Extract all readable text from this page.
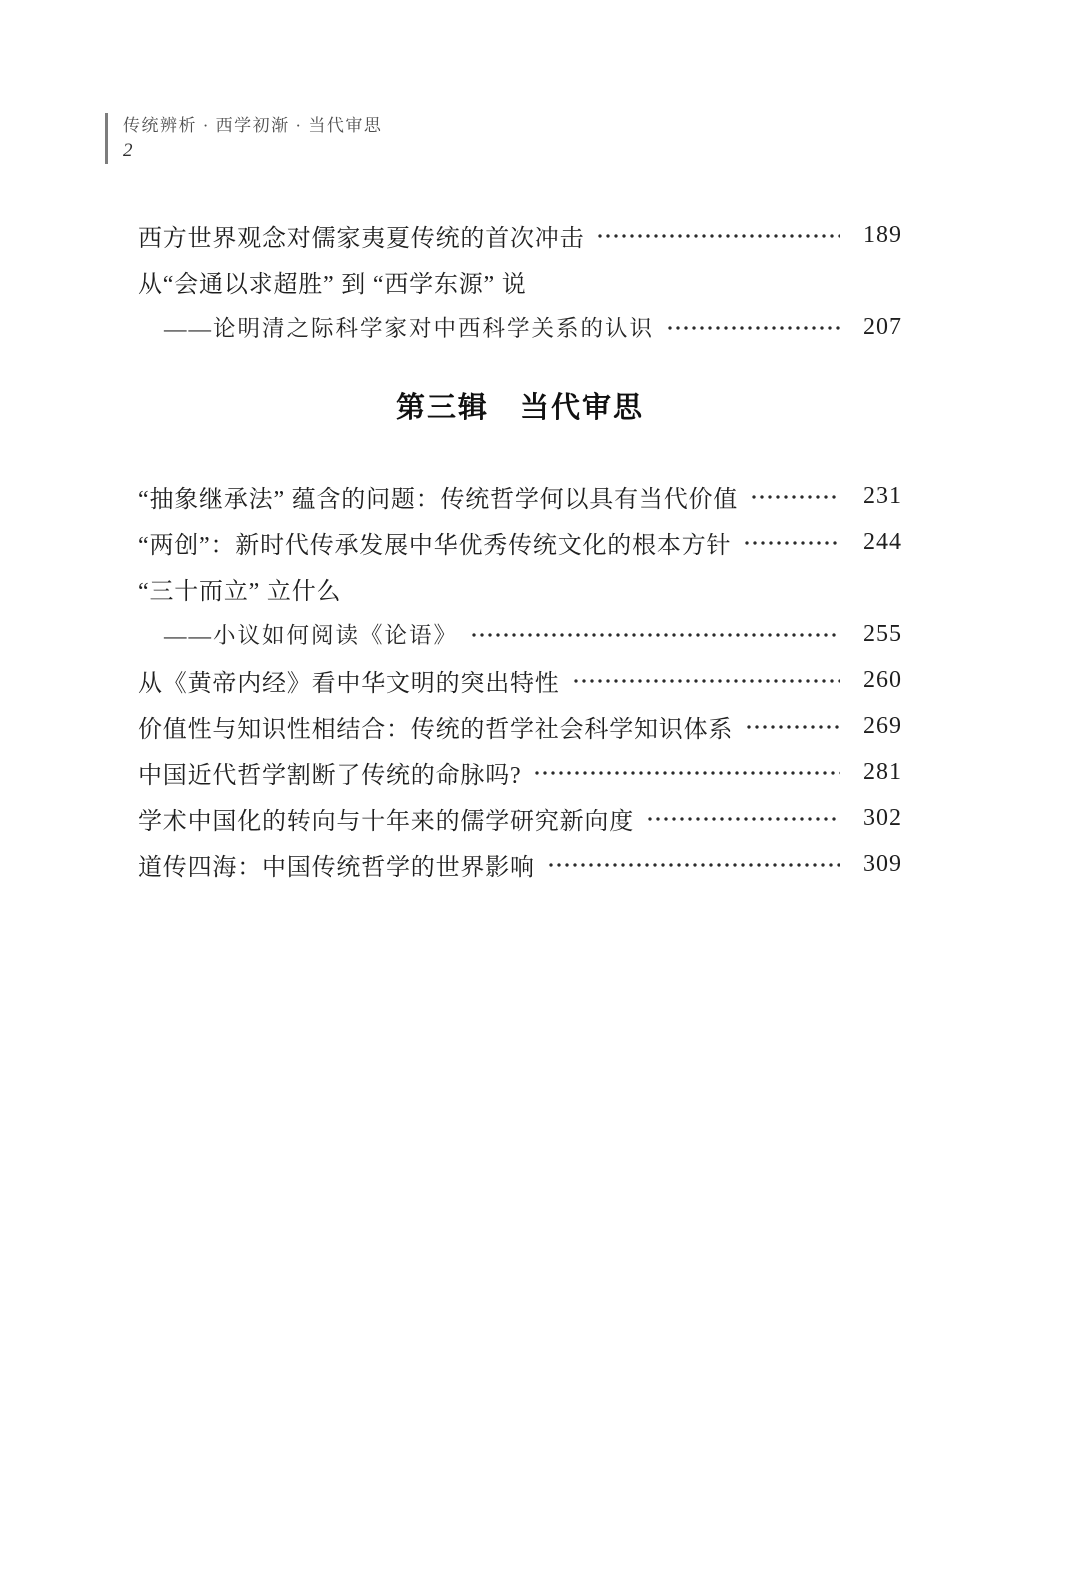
传统辨析 · 西学初渐 · 当代审思
2
西方世界观念对儒家夷夏传统的首次冲击	189
从“会通以求超胜” 到 “西学东源” 说
——论明清之际科学家对中西科学关系的认识	207
第三辑　当代审思
“抽象继承法” 蕴含的问题：传统哲学何以具有当代价值	231
“两创”：新时代传承发展中华优秀传统文化的根本方针	244
“三十而立” 立什么
——小议如何阅读《论语》	255
从《黄帝内经》看中华文明的突出特性	260
价值性与知识性相结合：传统的哲学社会科学知识体系	269
中国近代哲学割断了传统的命脉吗?	281
学术中国化的转向与十年来的儒学研究新向度	302
道传四海：中国传统哲学的世界影响	309
